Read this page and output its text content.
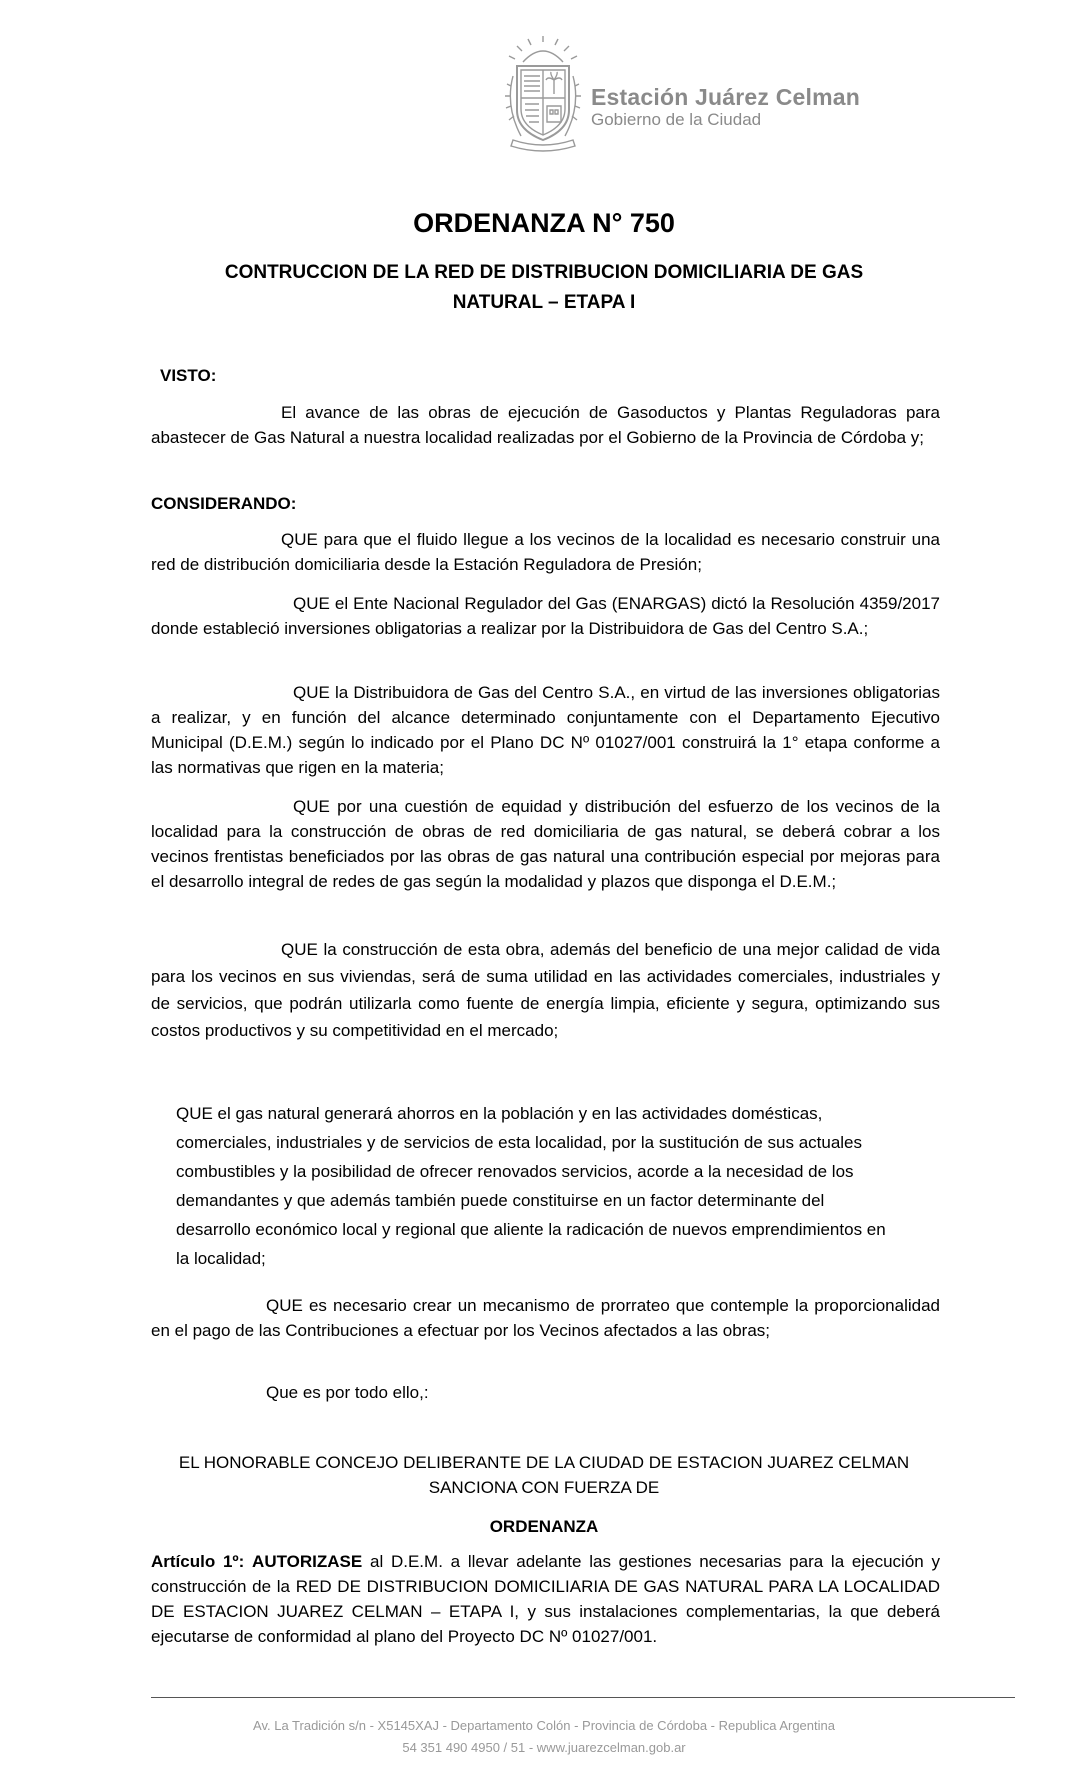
Estación Juárez Celman
Gobierno de la Ciudad
ORDENANZA N° 750
CONTRUCCION DE LA RED DE DISTRIBUCION DOMICILIARIA DE GAS
NATURAL – ETAPA I
VISTO:
El avance de las obras de ejecución de Gasoductos y Plantas Reguladoras para abastecer de Gas Natural a nuestra localidad realizadas por el Gobierno de la Provincia de Córdoba y;
CONSIDERANDO:
QUE para que el fluido llegue a los vecinos de la localidad es necesario construir una red de distribución domiciliaria desde la Estación Reguladora de Presión;
QUE el Ente Nacional Regulador del Gas (ENARGAS) dictó la Resolución 4359/2017 donde estableció inversiones obligatorias a realizar por la Distribuidora de Gas del Centro S.A.;
QUE la Distribuidora de Gas del Centro S.A., en virtud de las inversiones obligatorias a realizar, y en función del alcance determinado conjuntamente con el Departamento Ejecutivo Municipal (D.E.M.) según lo indicado por el Plano DC Nº 01027/001 construirá la 1° etapa conforme a las normativas que rigen en la materia;
QUE por una cuestión de equidad y distribución del esfuerzo de los vecinos de la localidad para la construcción de obras de red domiciliaria de gas natural, se deberá cobrar a los vecinos frentistas beneficiados por las obras de gas natural una contribución especial por mejoras para el desarrollo integral de redes de gas según la modalidad y plazos que disponga el D.E.M.;
QUE la construcción de esta obra, además del beneficio de una mejor calidad de vida para los vecinos en sus viviendas, será de suma utilidad en las actividades comerciales, industriales y de servicios, que podrán utilizarla como fuente de energía limpia, eficiente y segura, optimizando sus costos productivos y su competitividad en el mercado;
QUE el gas natural generará ahorros en la población y en las actividades domésticas, comerciales, industriales y de servicios de esta localidad, por la sustitución de sus actuales combustibles y la posibilidad de ofrecer renovados servicios, acorde a la necesidad de los demandantes y que además también puede constituirse en un factor determinante del desarrollo económico local y regional que aliente la radicación de nuevos emprendimientos en la localidad;
QUE es necesario crear un mecanismo de prorrateo que contemple la proporcionalidad en el pago de las Contribuciones a efectuar por los Vecinos afectados a las obras;
Que es por todo ello,:
EL HONORABLE CONCEJO DELIBERANTE DE LA CIUDAD DE ESTACION JUAREZ CELMAN
SANCIONA CON FUERZA DE
ORDENANZA
Artículo 1º: AUTORIZASE al D.E.M. a llevar adelante las gestiones necesarias para la ejecución y construcción de la RED DE DISTRIBUCION DOMICILIARIA DE GAS NATURAL PARA LA LOCALIDAD DE ESTACION JUAREZ CELMAN – ETAPA I, y sus instalaciones complementarias, la que deberá ejecutarse de conformidad al plano del Proyecto DC Nº 01027/001.
Av. La Tradición s/n - X5145XAJ - Departamento Colón - Provincia de Córdoba - Republica Argentina
54 351 490 4950 / 51 - www.juarezcelman.gob.ar
